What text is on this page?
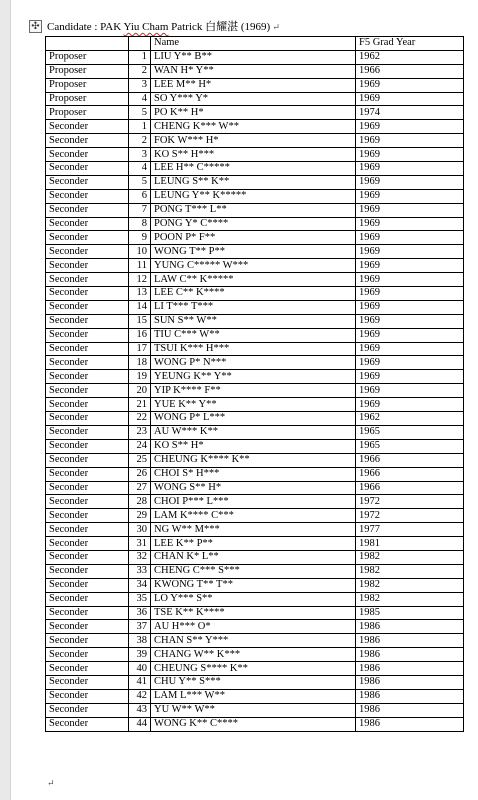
✣ Candidate : PAK Yiu Cham Patrick 白耀湛 (1969) ↵
		Name	F5 Grad Year
Proposer	1	LIU Y** B**	1962
Proposer	2	WAN H* Y**	1966
Proposer	3	LEE M** H*	1969
Proposer	4	SO Y*** Y*	1969
Proposer	5	PO K** H*	1974
Seconder	1	CHENG K*** W**	1969
Seconder	2	FOK W*** H*	1969
Seconder	3	KO S** H***	1969
Seconder	4	LEE H** C*****	1969
Seconder	5	LEUNG S** K**	1969
Seconder	6	LEUNG Y** K*****	1969
Seconder	7	PONG T*** L**	1969
Seconder	8	PONG Y* C****	1969
Seconder	9	POON P* F**	1969
Seconder	10	WONG T** P**	1969
Seconder	11	YUNG C***** W***	1969
Seconder	12	LAW C** K*****	1969
Seconder	13	LEE C** K****	1969
Seconder	14	LI T*** T***	1969
Seconder	15	SUN S** W**	1969
Seconder	16	TIU C*** W**	1969
Seconder	17	TSUI K*** H***	1969
Seconder	18	WONG P* N***	1969
Seconder	19	YEUNG K** Y**	1969
Seconder	20	YIP K**** F**	1969
Seconder	21	YUE K** Y**	1969
Seconder	22	WONG P* L***	1962
Seconder	23	AU W*** K**	1965
Seconder	24	KO S** H*	1965
Seconder	25	CHEUNG K**** K**	1966
Seconder	26	CHOI S* H***	1966
Seconder	27	WONG S** H*	1966
Seconder	28	CHOI P*** L***	1972
Seconder	29	LAM K**** C***	1972
Seconder	30	NG W** M***	1977
Seconder	31	LEE K** P**	1981
Seconder	32	CHAN K* L**	1982
Seconder	33	CHENG C*** S***	1982
Seconder	34	KWONG T** T**	1982
Seconder	35	LO Y*** S**	1982
Seconder	36	TSE K** K****	1985
Seconder	37	AU H*** O*	1986
Seconder	38	CHAN S** Y***	1986
Seconder	39	CHANG W** K***	1986
Seconder	40	CHEUNG S**** K**	1986
Seconder	41	CHU Y** S***	1986
Seconder	42	LAM L*** W**	1986
Seconder	43	YU W** W**	1986
Seconder	44	WONG K** C****	1986
↵
